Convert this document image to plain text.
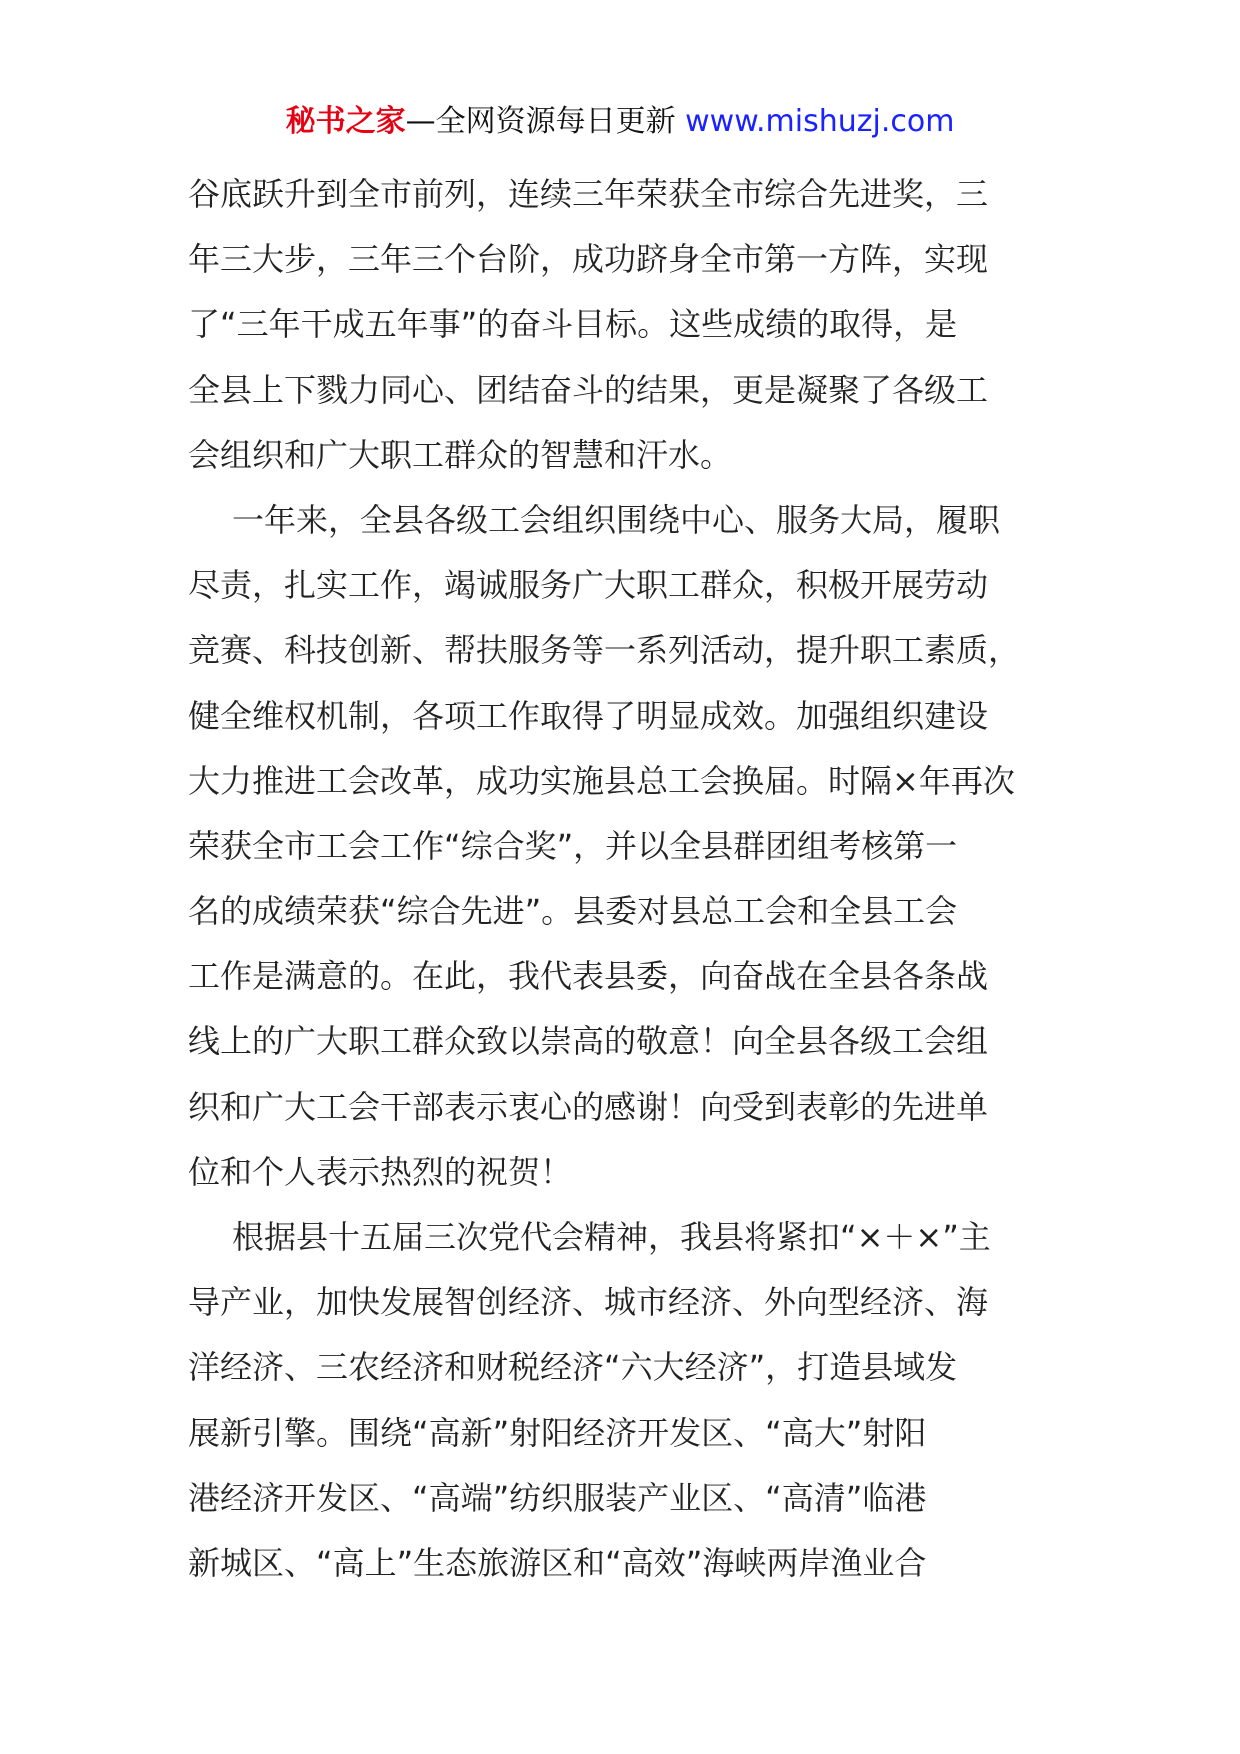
秘书之家—全网资源每日更新 www.mishuzj.com
谷底跃升到全市前列，连续三年荣获全市综合先进奖，三
年三大步，三年三个台阶，成功跻身全市第一方阵，实现
了“三年干成五年事”的奋斗目标。这些成绩的取得，是
全县上下戮力同心、团结奋斗的结果，更是凝聚了各级工
会组织和广大职工群众的智慧和汗水。
一年来，全县各级工会组织围绕中心、服务大局，履职
尽责，扎实工作，竭诚服务广大职工群众，积极开展劳动
竞赛、科技创新、帮扶服务等一系列活动，提升职工素质，
健全维权机制，各项工作取得了明显成效。加强组织建设
大力推进工会改革，成功实施县总工会换届。时隔×年再次
荣获全市工会工作“综合奖”，并以全县群团组考核第一
名的成绩荣获“综合先进”。县委对县总工会和全县工会
工作是满意的。在此，我代表县委，向奋战在全县各条战
线上的广大职工群众致以崇高的敬意！向全县各级工会组
织和广大工会干部表示衷心的感谢！向受到表彰的先进单
位和个人表示热烈的祝贺！
根据县十五届三次党代会精神，我县将紧扣“×＋×”主
导产业，加快发展智创经济、城市经济、外向型经济、海
洋经济、三农经济和财税经济“六大经济”，打造县域发
展新引擎。围绕“高新”射阳经济开发区、“高大”射阳
港经济开发区、“高端”纺织服装产业区、“高清”临港
新城区、“高上”生态旅游区和“高效”海峡两岸渔业合
